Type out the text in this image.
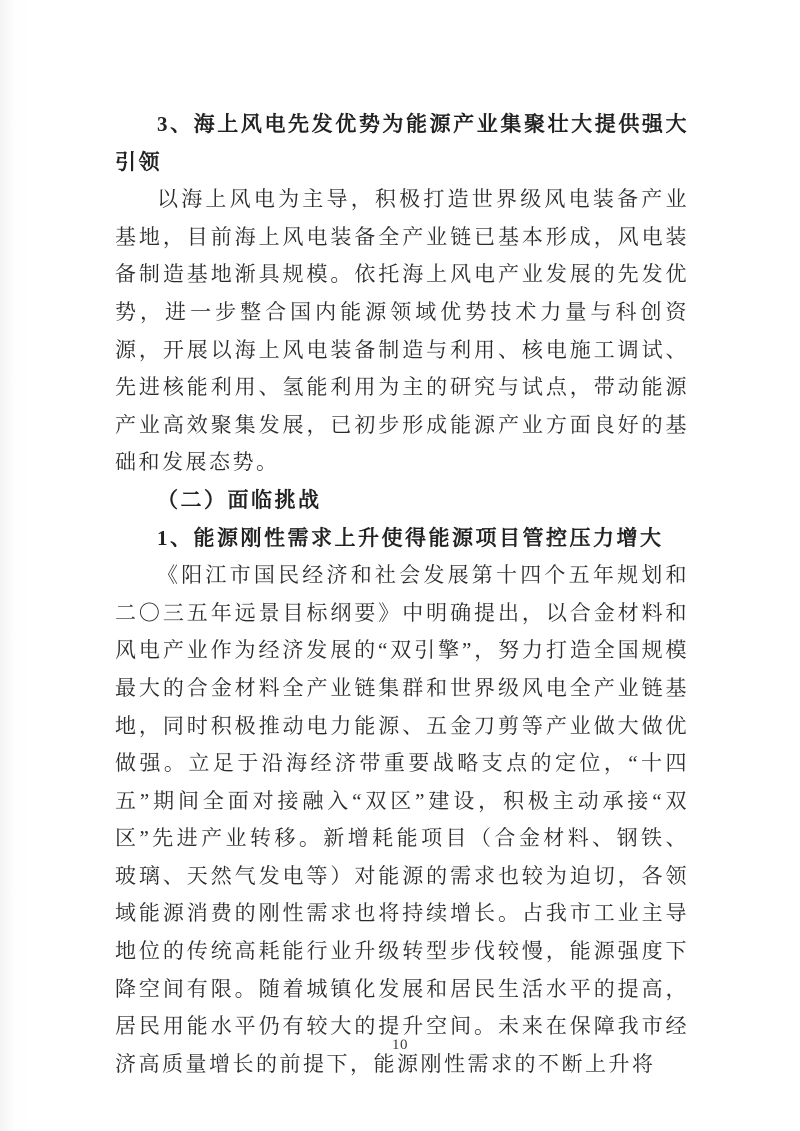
3、海上风电先发优势为能源产业集聚壮大提供强大引领
以海上风电为主导，积极打造世界级风电装备产业基地，目前海上风电装备全产业链已基本形成，风电装备制造基地渐具规模。依托海上风电产业发展的先发优势，进一步整合国内能源领域优势技术力量与科创资源，开展以海上风电装备制造与利用、核电施工调试、先进核能利用、氢能利用为主的研究与试点，带动能源产业高效聚集发展，已初步形成能源产业方面良好的基础和发展态势。
（二）面临挑战
1、能源刚性需求上升使得能源项目管控压力增大
《阳江市国民经济和社会发展第十四个五年规划和二〇三五年远景目标纲要》中明确提出，以合金材料和风电产业作为经济发展的“双引擎”，努力打造全国规模最大的合金材料全产业链集群和世界级风电全产业链基地，同时积极推动电力能源、五金刀剪等产业做大做优做强。立足于沿海经济带重要战略支点的定位，“十四五”期间全面对接融入“双区”建设，积极主动承接“双区”先进产业转移。新增耗能项目（合金材料、钢铁、玻璃、天然气发电等）对能源的需求也较为迫切，各领域能源消费的刚性需求也将持续增长。占我市工业主导地位的传统高耗能行业升级转型步伐较慢，能源强度下降空间有限。随着城镇化发展和居民生活水平的提高，居民用能水平仍有较大的提升空间。未来在保障我市经济高质量增长的前提下，能源刚性需求的不断上升将
10
